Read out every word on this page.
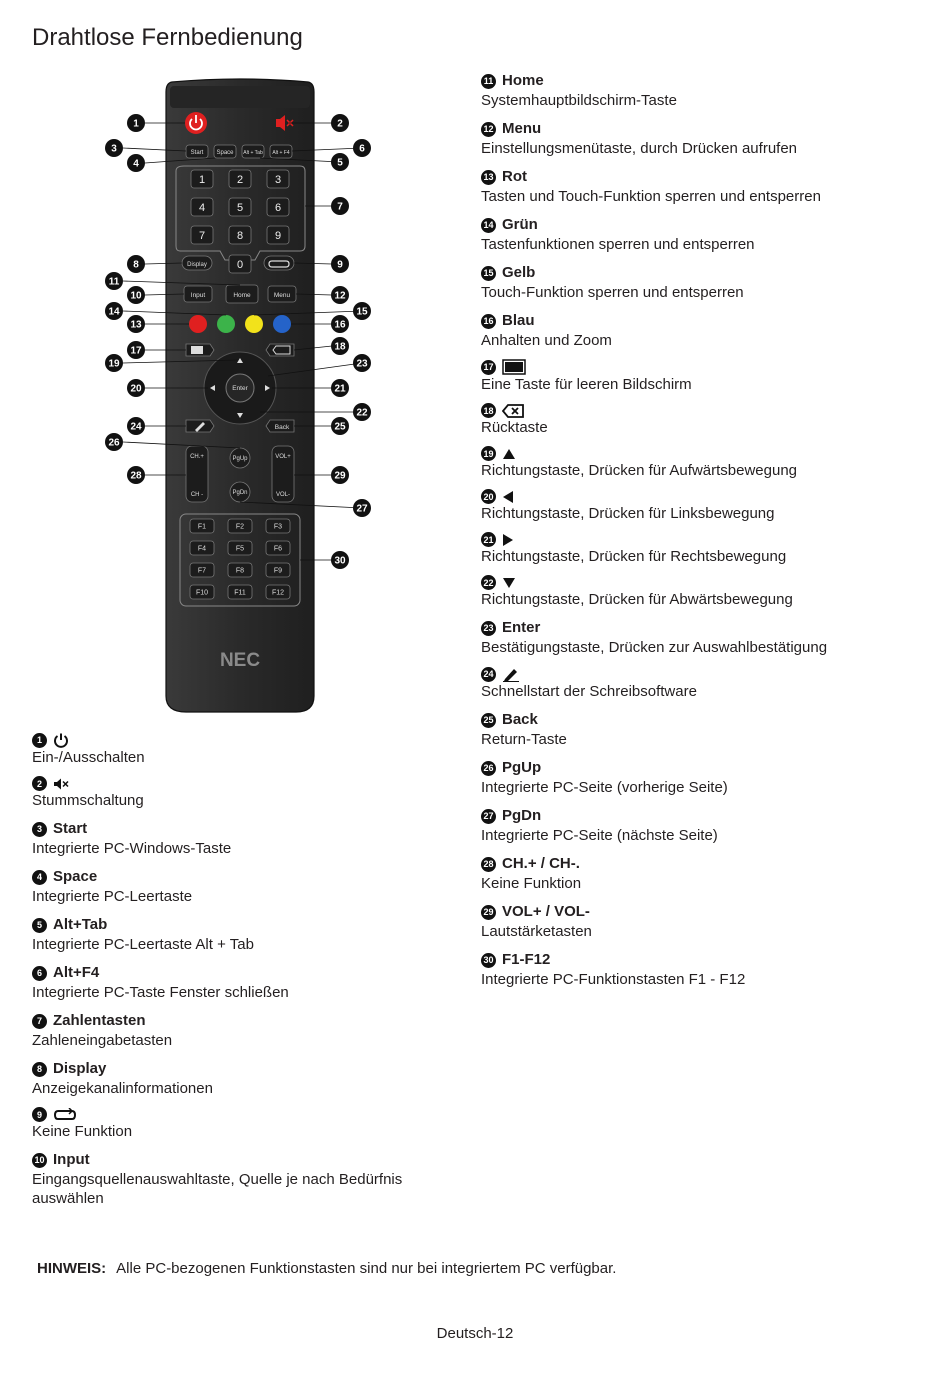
Drahtlose Fernbedienung
Start Space Alt + Tab Alt + F4
1	2	3
4	5	6
7	8	9
0
Display
Input	Home	Menu
Enter
Back
CH.+
CH -
VOL+
VOL-
PgUp
PgDn
F1	F2	F3
F4	F5	F6
F7	F8	F9
F10	F11	F12
NEC
1	2
3
4	5
6
7
8	9
10
11
12
13
14	15
16
17	18
19
20	21
22
23
24	25
26
27
28	29
30
1
Ein-/Ausschalten
2
Stummschaltung
3 Start
Integrierte PC-Windows-Taste
4 Space
Integrierte PC-Leertaste
5 Alt+Tab
Integrierte PC-Leertaste Alt + Tab
6 Alt+F4
Integrierte PC-Taste Fenster schließen
7 Zahlentasten
Zahleneingabetasten
8 Display
Anzeigekanalinformationen
9
Keine Funktion
10 Input
Eingangsquellenauswahltaste, Quelle je nach Bedürfnis auswählen
11 Home
Systemhauptbildschirm-Taste
12 Menu
Einstellungsmenütaste, durch Drücken aufrufen
13 Rot
Tasten und Touch-Funktion sperren und entsperren
14 Grün
Tastenfunktionen sperren und entsperren
15 Gelb
Touch-Funktion sperren und entsperren
16 Blau
Anhalten und Zoom
17
Eine Taste für leeren Bildschirm
18
Rücktaste
19
Richtungstaste, Drücken für Aufwärtsbewegung
20
Richtungstaste, Drücken für Linksbewegung
21
Richtungstaste, Drücken für Rechtsbewegung
22
Richtungstaste, Drücken für Abwärtsbewegung
23 Enter
Bestätigungstaste, Drücken zur Auswahlbestätigung
24
Schnellstart der Schreibsoftware
25 Back
Return-Taste
26 PgUp
Integrierte PC-Seite (vorherige Seite)
27 PgDn
Integrierte PC-Seite (nächste Seite)
28 CH.+ / CH-.
Keine Funktion
29 VOL+ / VOL-
Lautstärketasten
30 F1-F12
Integrierte PC-Funktionstasten F1 - F12
HINWEIS: Alle PC-bezogenen Funktionstasten sind nur bei integriertem PC verfügbar.
Deutsch-12
